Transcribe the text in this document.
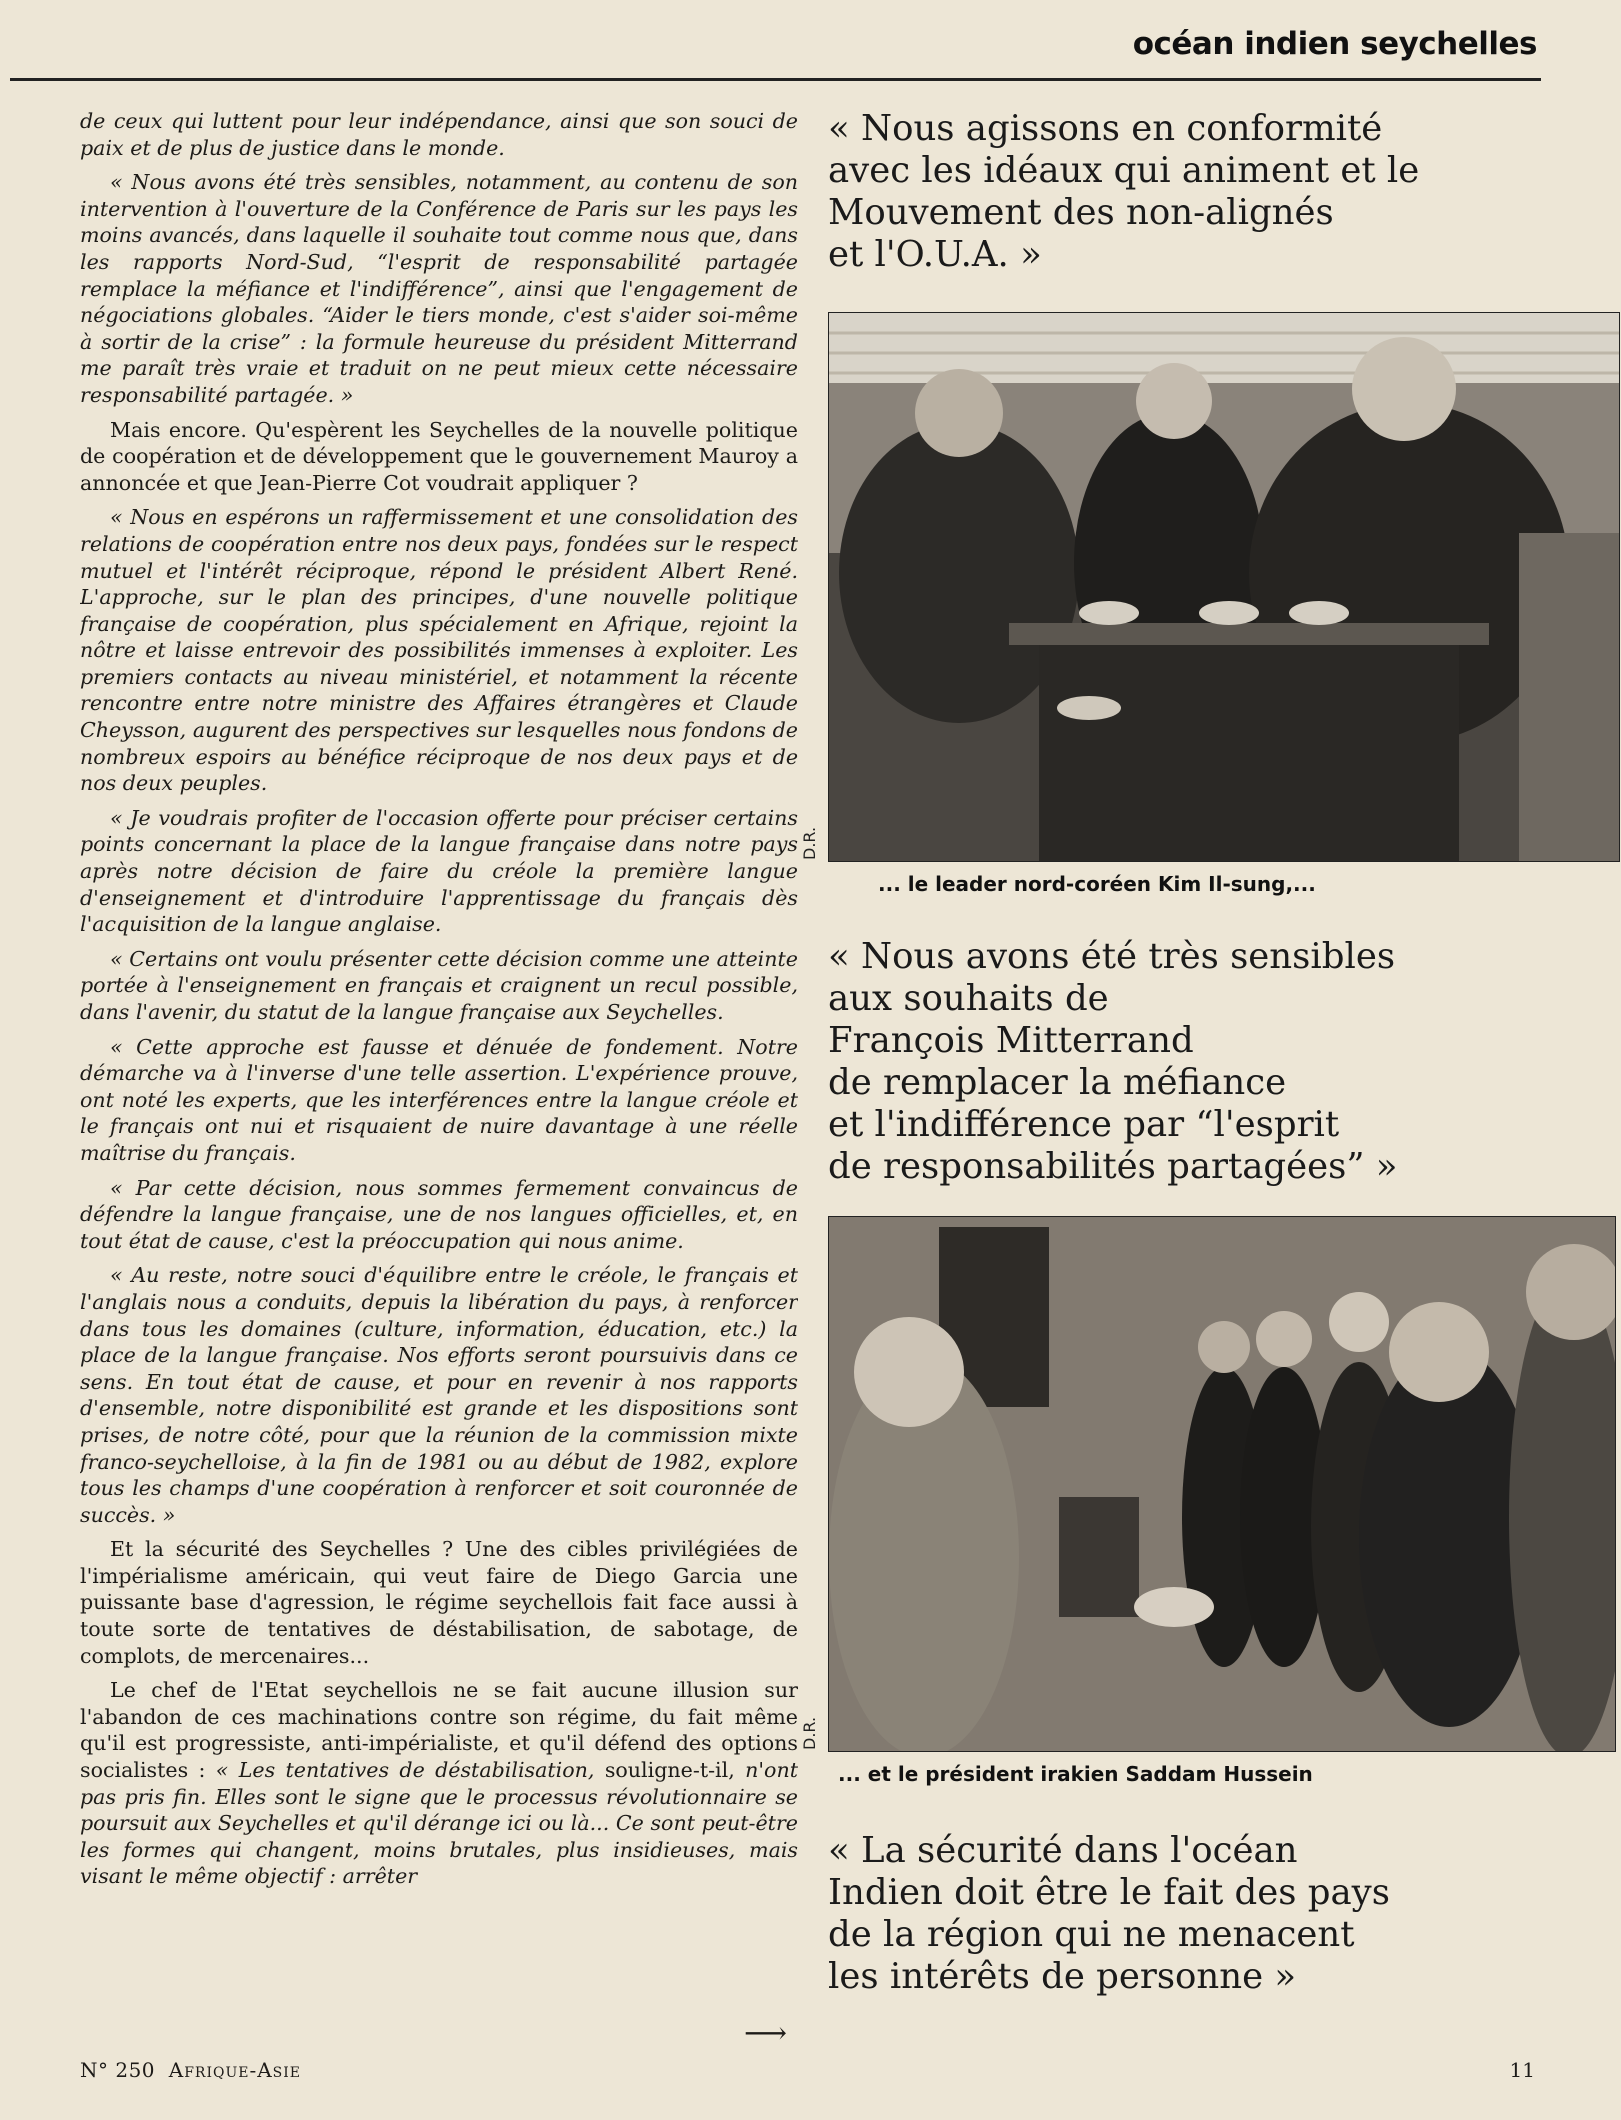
océan indien seychelles

de ceux qui luttent pour leur indépendance, ainsi que son souci de paix et de plus de justice dans le monde.

« Nous avons été très sensibles, notamment, au contenu de son intervention à l'ouverture de la Conférence de Paris sur les pays les moins avancés, dans laquelle il souhaite tout comme nous que, dans les rapports Nord-Sud, “l'esprit de responsabilité partagée remplace la méfiance et l'indifférence”, ainsi que l'engagement de négociations globales. “Aider le tiers monde, c'est s'aider soi-même à sortir de la crise” : la formule heureuse du président Mitterrand me paraît très vraie et traduit on ne peut mieux cette nécessaire responsabilité partagée. »

Mais encore. Qu'espèrent les Seychelles de la nouvelle politique de coopération et de développement que le gouvernement Mauroy a annoncée et que Jean-Pierre Cot voudrait appliquer ?

« Nous en espérons un raffermissement et une consolidation des relations de coopération entre nos deux pays, fondées sur le respect mutuel et l'intérêt réciproque, répond le président Albert René. L'approche, sur le plan des principes, d'une nouvelle politique française de coopération, plus spécialement en Afrique, rejoint la nôtre et laisse entrevoir des possibilités immenses à exploiter. Les premiers contacts au niveau ministériel, et notamment la récente rencontre entre notre ministre des Affaires étrangères et Claude Cheysson, augurent des perspectives sur lesquelles nous fondons de nombreux espoirs au bénéfice réciproque de nos deux pays et de nos deux peuples.

« Je voudrais profiter de l'occasion offerte pour préciser certains points concernant la place de la langue française dans notre pays après notre décision de faire du créole la première langue d'enseignement et d'introduire l'apprentissage du français dès l'acquisition de la langue anglaise.

« Certains ont voulu présenter cette décision comme une atteinte portée à l'enseignement en français et craignent un recul possible, dans l'avenir, du statut de la langue française aux Seychelles.

« Cette approche est fausse et dénuée de fondement. Notre démarche va à l'inverse d'une telle assertion. L'expérience prouve, ont noté les experts, que les interférences entre la langue créole et le français ont nui et risquaient de nuire davantage à une réelle maîtrise du français.

« Par cette décision, nous sommes fermement convaincus de défendre la langue française, une de nos langues officielles, et, en tout état de cause, c'est la préoccupation qui nous anime.

« Au reste, notre souci d'équilibre entre le créole, le français et l'anglais nous a conduits, depuis la libération du pays, à renforcer dans tous les domaines (culture, information, éducation, etc.) la place de la langue française. Nos efforts seront poursuivis dans ce sens. En tout état de cause, et pour en revenir à nos rapports d'ensemble, notre disponibilité est grande et les dispositions sont prises, de notre côté, pour que la réunion de la commission mixte franco-seychelloise, à la fin de 1981 ou au début de 1982, explore tous les champs d'une coopération à renforcer et soit couronnée de succès. »

Et la sécurité des Seychelles ? Une des cibles privilégiées de l'impérialisme américain, qui veut faire de Diego Garcia une puissante base d'agression, le régime seychellois fait face aussi à toute sorte de tentatives de déstabilisation, de sabotage, de complots, de mercenaires...

Le chef de l'Etat seychellois ne se fait aucune illusion sur l'abandon de ces machinations contre son régime, du fait même qu'il est progressiste, anti-impérialiste, et qu'il défend des options socialistes : « Les tentatives de déstabilisation, souligne-t-il, n'ont pas pris fin. Elles sont le signe que le processus révolutionnaire se poursuit aux Seychelles et qu'il dérange ici ou là... Ce sont peut-être les formes qui changent, moins brutales, plus insidieuses, mais visant le même objectif : arrêter

⟶

« Nous agissons en conformité
avec les idéaux qui animent et le
Mouvement des non-alignés
et l'O.U.A. »

D.R.
... le leader nord-coréen Kim Il-sung,...

« Nous avons été très sensibles
aux souhaits de
François Mitterrand
de remplacer la méfiance
et l'indifférence par “l'esprit
de responsabilités partagées” »

D.R.
... et le président irakien Saddam Hussein

« La sécurité dans l'océan
Indien doit être le fait des pays
de la région qui ne menacent
les intérêts de personne »

N° 250 Afrique-Asie	11
